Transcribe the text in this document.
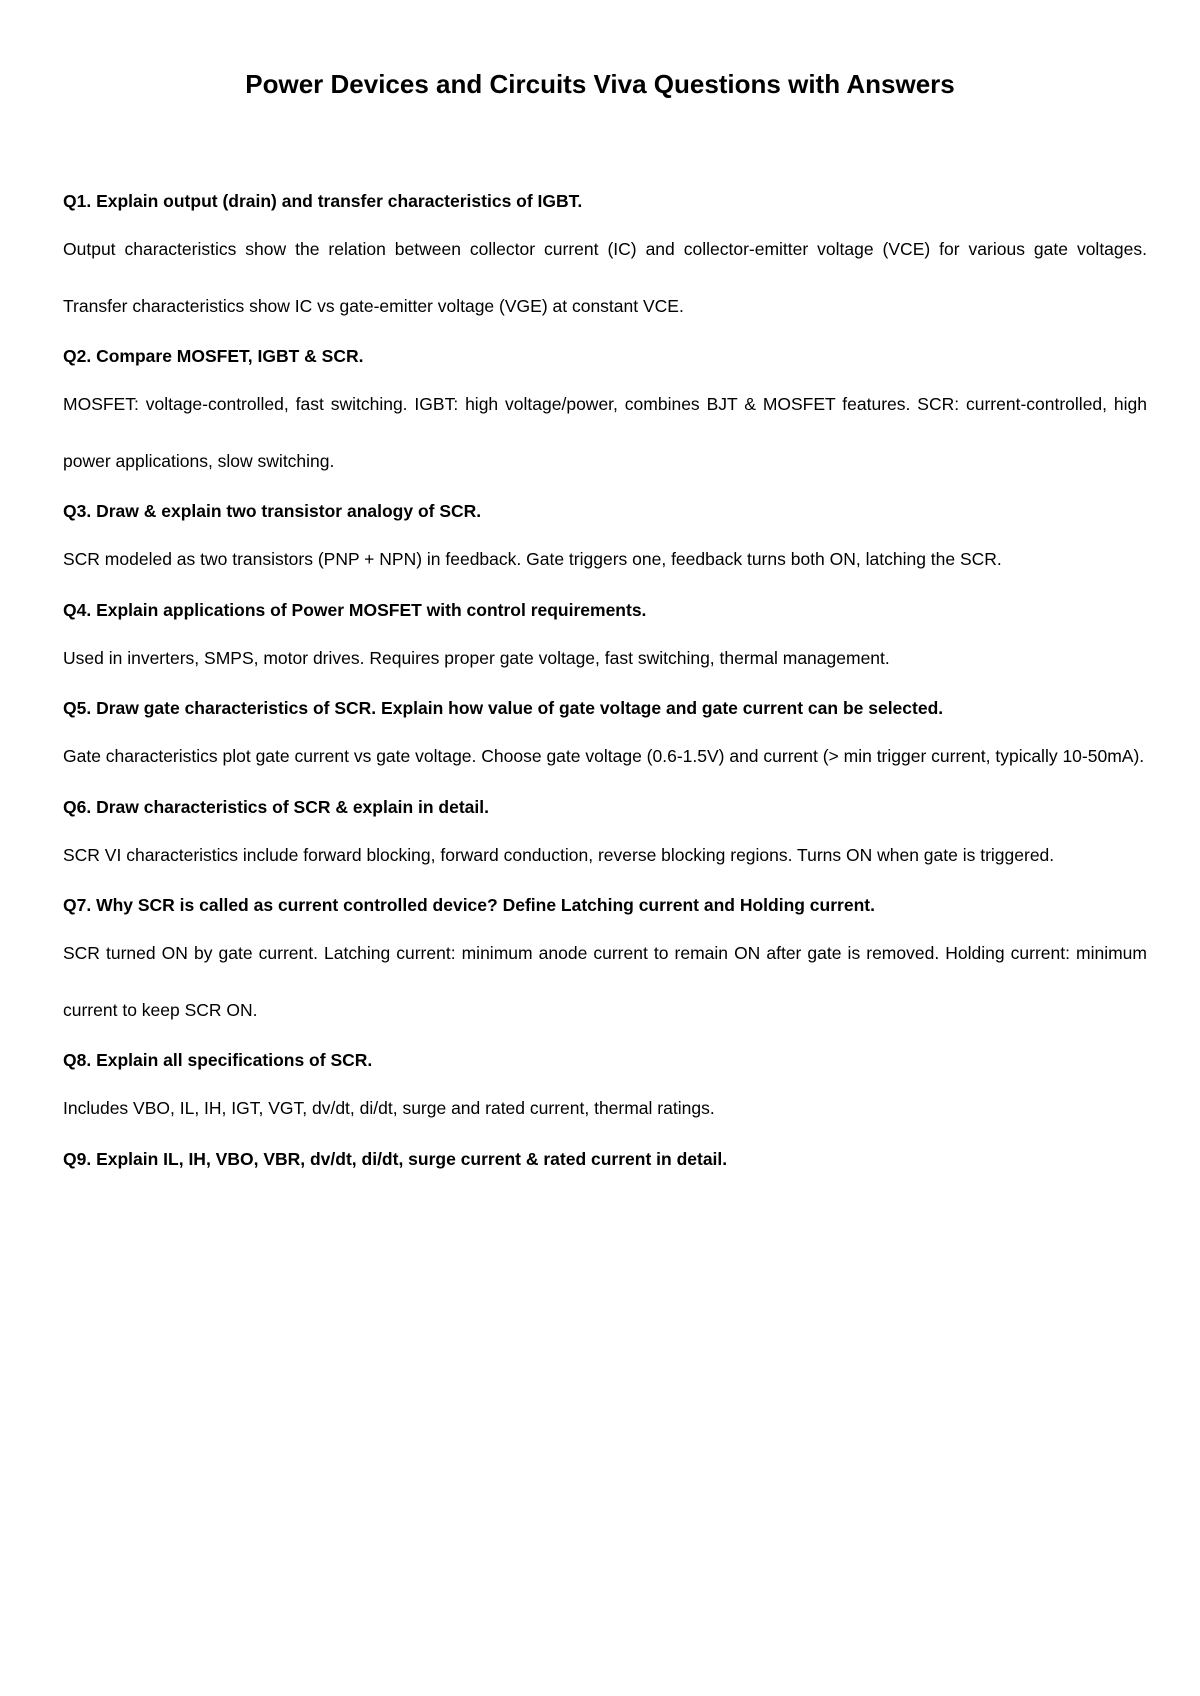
Power Devices and Circuits Viva Questions with Answers

Q1. Explain output (drain) and transfer characteristics of IGBT.

Output characteristics show the relation between collector current (IC) and collector-emitter voltage (VCE) for various gate voltages. Transfer characteristics show IC vs gate-emitter voltage (VGE) at constant VCE.

Q2. Compare MOSFET, IGBT & SCR.

MOSFET: voltage-controlled, fast switching. IGBT: high voltage/power, combines BJT & MOSFET features. SCR: current-controlled, high power applications, slow switching.

Q3. Draw & explain two transistor analogy of SCR.

SCR modeled as two transistors (PNP + NPN) in feedback. Gate triggers one, feedback turns both ON, latching the SCR.

Q4. Explain applications of Power MOSFET with control requirements.

Used in inverters, SMPS, motor drives. Requires proper gate voltage, fast switching, thermal management.

Q5. Draw gate characteristics of SCR. Explain how value of gate voltage and gate current can be selected.

Gate characteristics plot gate current vs gate voltage. Choose gate voltage (0.6-1.5V) and current (> min trigger current, typically 10-50mA).

Q6. Draw characteristics of SCR & explain in detail.

SCR VI characteristics include forward blocking, forward conduction, reverse blocking regions. Turns ON when gate is triggered.

Q7. Why SCR is called as current controlled device? Define Latching current and Holding current.

SCR turned ON by gate current. Latching current: minimum anode current to remain ON after gate is removed. Holding current: minimum current to keep SCR ON.

Q8. Explain all specifications of SCR.

Includes VBO, IL, IH, IGT, VGT, dv/dt, di/dt, surge and rated current, thermal ratings.

Q9. Explain IL, IH, VBO, VBR, dv/dt, di/dt, surge current & rated current in detail.
